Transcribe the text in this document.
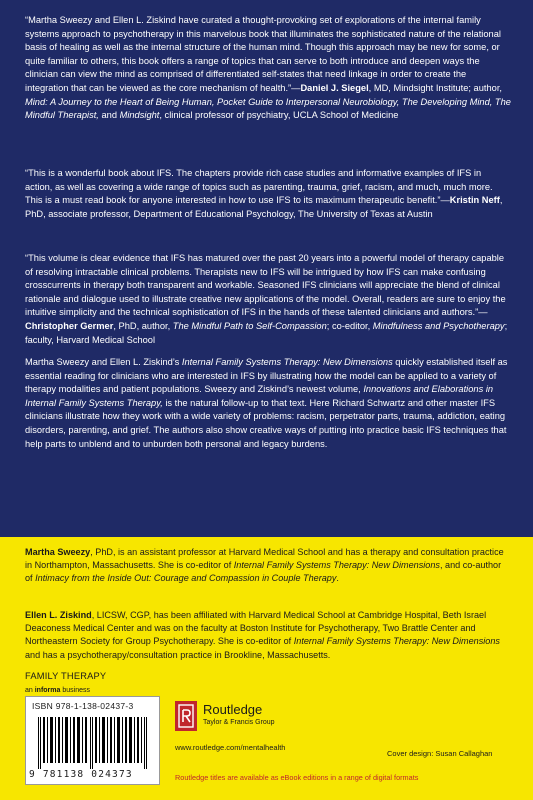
“Martha Sweezy and Ellen L. Ziskind have curated a thought-provoking set of explorations of the internal family systems approach to psychotherapy in this marvelous book that illuminates the sophisticated nature of the relational basis of healing as well as the internal structure of the human mind. Though this approach may be new for some, or quite familiar to others, this book offers a range of topics that can serve to both introduce and deepen ways the clinician can view the mind as comprised of differentiated self-states that need linkage in order to create the integration that can be viewed as the core mechanism of health.”—Daniel J. Siegel, MD, Mindsight Institute; author, Mind: A Journey to the Heart of Being Human, Pocket Guide to Interpersonal Neurobiology, The Developing Mind, The Mindful Therapist, and Mindsight, clinical professor of psychiatry, UCLA School of Medicine
“This is a wonderful book about IFS. The chapters provide rich case studies and informative examples of IFS in action, as well as covering a wide range of topics such as parenting, trauma, grief, racism, and much, much more. This is a must read book for anyone interested in how to use IFS to its maximum therapeutic benefit.”—Kristin Neff, PhD, associate professor, Department of Educational Psychology, The University of Texas at Austin
“This volume is clear evidence that IFS has matured over the past 20 years into a powerful model of therapy capable of resolving intractable clinical problems. Therapists new to IFS will be intrigued by how IFS can make confusing crosscurrents in therapy both transparent and workable. Seasoned IFS clinicians will appreciate the blend of clinical rationale and dialogue used to illustrate creative new applications of the model. Overall, readers are sure to enjoy the intuitive simplicity and the technical sophistication of IFS in the hands of these talented clinicians and authors.”—Christopher Germer, PhD, author, The Mindful Path to Self-Compassion; co-editor, Mindfulness and Psychotherapy; faculty, Harvard Medical School
Martha Sweezy and Ellen L. Ziskind’s Internal Family Systems Therapy: New Dimensions quickly established itself as essential reading for clinicians who are interested in IFS by illustrating how the model can be applied to a variety of therapy modalities and patient populations. Sweezy and Ziskind’s newest volume, Innovations and Elaborations in Internal Family Systems Therapy, is the natural follow-up to that text. Here Richard Schwartz and other master IFS clinicians illustrate how they work with a wide variety of problems: racism, perpetrator parts, trauma, addiction, eating disorders, parenting, and grief. The authors also show creative ways of putting into practice basic IFS techniques that help parts to unblend and to unburden both personal and legacy burdens.
Martha Sweezy, PhD, is an assistant professor at Harvard Medical School and has a therapy and consultation practice in Northampton, Massachusetts. She is co-editor of Internal Family Systems Therapy: New Dimensions, and co-author of Intimacy from the Inside Out: Courage and Compassion in Couple Therapy.
Ellen L. Ziskind, LICSW, CGP, has been affiliated with Harvard Medical School at Cambridge Hospital, Beth Israel Deaconess Medical Center and was on the faculty at Boston Institute for Psychotherapy, Two Brattle Center and Northeastern Society for Group Psychotherapy. She is co-editor of Internal Family Systems Therapy: New Dimensions and has a psychotherapy/consultation practice in Brookline, Massachusetts.
FAMILY THERAPY
an informa business
ISBN 978-1-138-02437-3
9 781138 024373
Routledge
Taylor & Francis Group
www.routledge.com/mentalhealth
Cover design: Susan Callaghan
Routledge titles are available as eBook editions in a range of digital formats
